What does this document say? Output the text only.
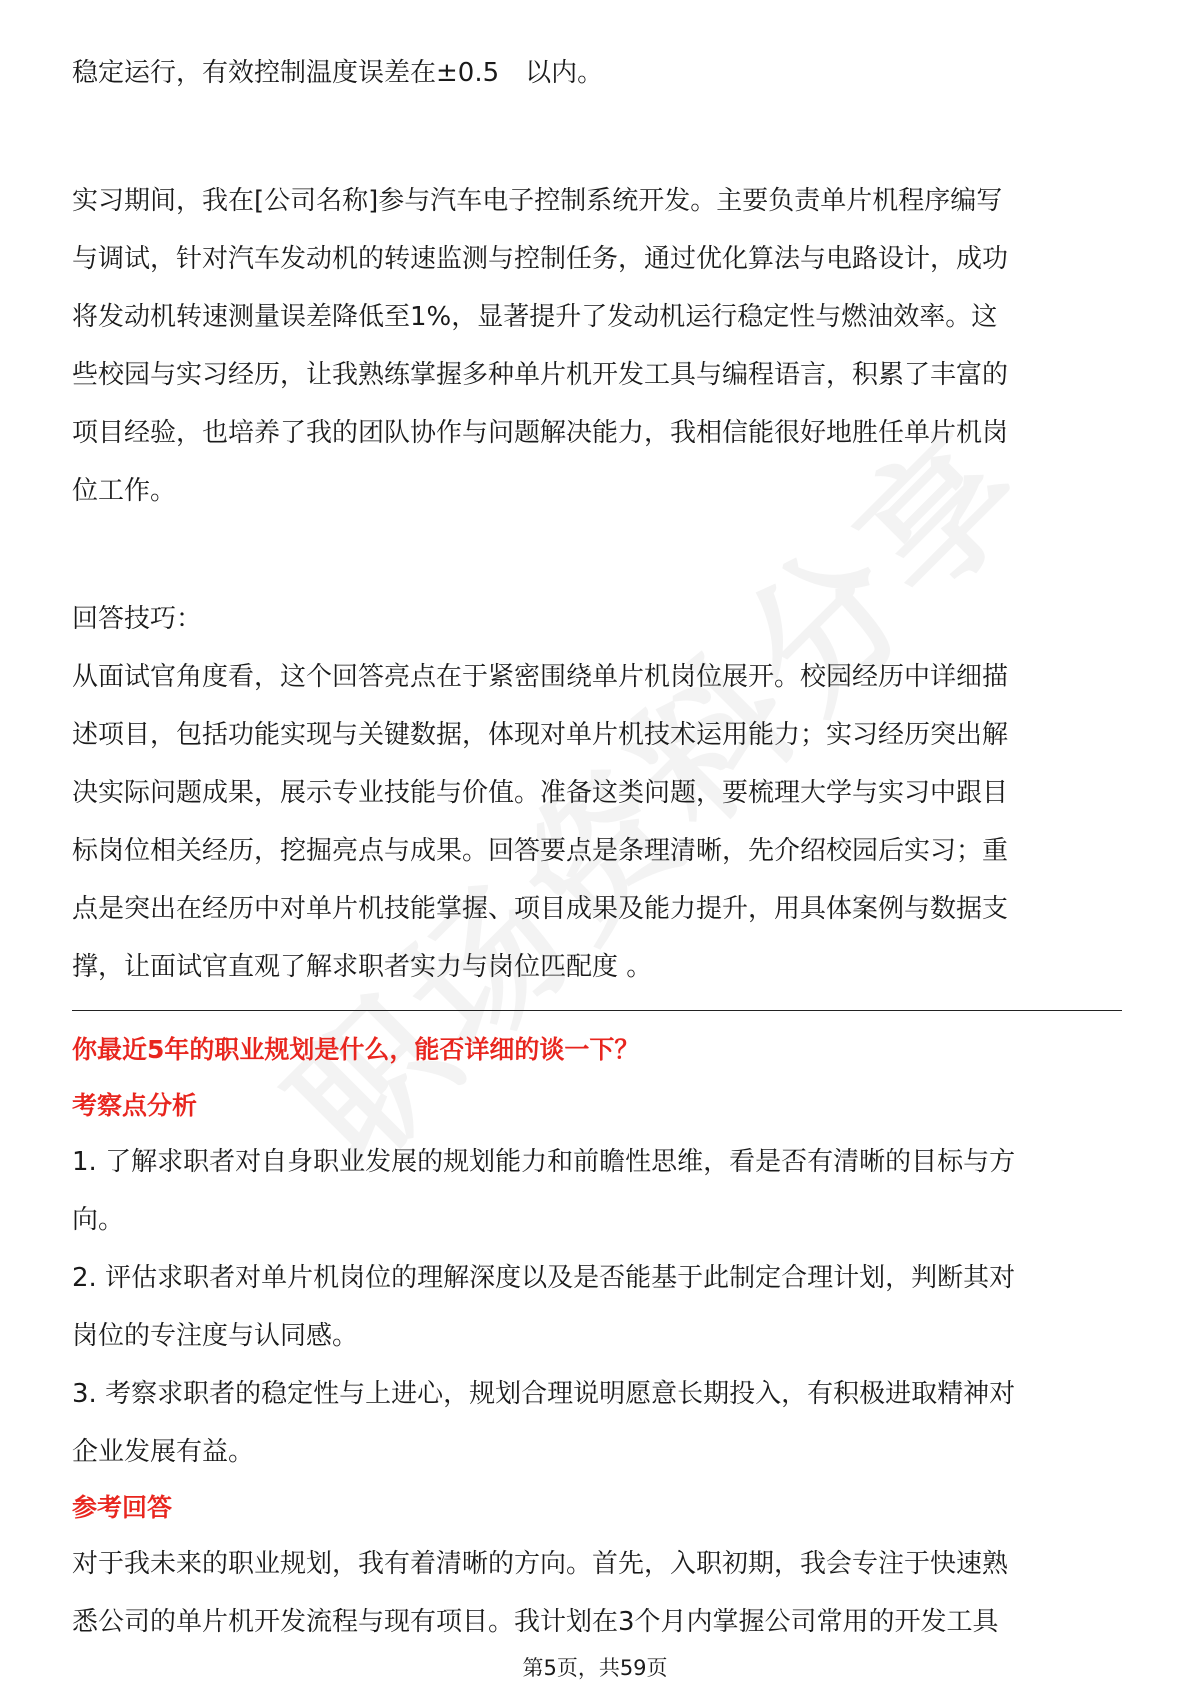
稳定运行，有效控制温度误差在±0.5　以内。

实习期间，我在[公司名称]参与汽车电子控制系统开发。主要负责单片机程序编写

与调试，针对汽车发动机的转速监测与控制任务，通过优化算法与电路设计，成功

将发动机转速测量误差降低至1%，显著提升了发动机运行稳定性与燃油效率。这

些校园与实习经历，让我熟练掌握多种单片机开发工具与编程语言，积累了丰富的

项目经验，也培养了我的团队协作与问题解决能力，我相信能很好地胜任单片机岗

位工作。

回答技巧：

从面试官角度看，这个回答亮点在于紧密围绕单片机岗位展开。校园经历中详细描

述项目，包括功能实现与关键数据，体现对单片机技术运用能力；实习经历突出解

决实际问题成果，展示专业技能与价值。准备这类问题，要梳理大学与实习中跟目

标岗位相关经历，挖掘亮点与成果。回答要点是条理清晰，先介绍校园后实习；重

点是突出在经历中对单片机技能掌握、项目成果及能力提升，用具体案例与数据支

撑，让面试官直观了解求职者实力与岗位匹配度 。

你最近5年的职业规划是什么，能否详细的谈一下？

考察点分析

1. 了解求职者对自身职业发展的规划能力和前瞻性思维，看是否有清晰的目标与方

向。

2. 评估求职者对单片机岗位的理解深度以及是否能基于此制定合理计划，判断其对

岗位的专注度与认同感。

3. 考察求职者的稳定性与上进心，规划合理说明愿意长期投入，有积极进取精神对

企业发展有益。

参考回答

对于我未来的职业规划，我有着清晰的方向。首先，入职初期，我会专注于快速熟

悉公司的单片机开发流程与现有项目。我计划在3个月内掌握公司常用的开发工具

第5页，共59页
